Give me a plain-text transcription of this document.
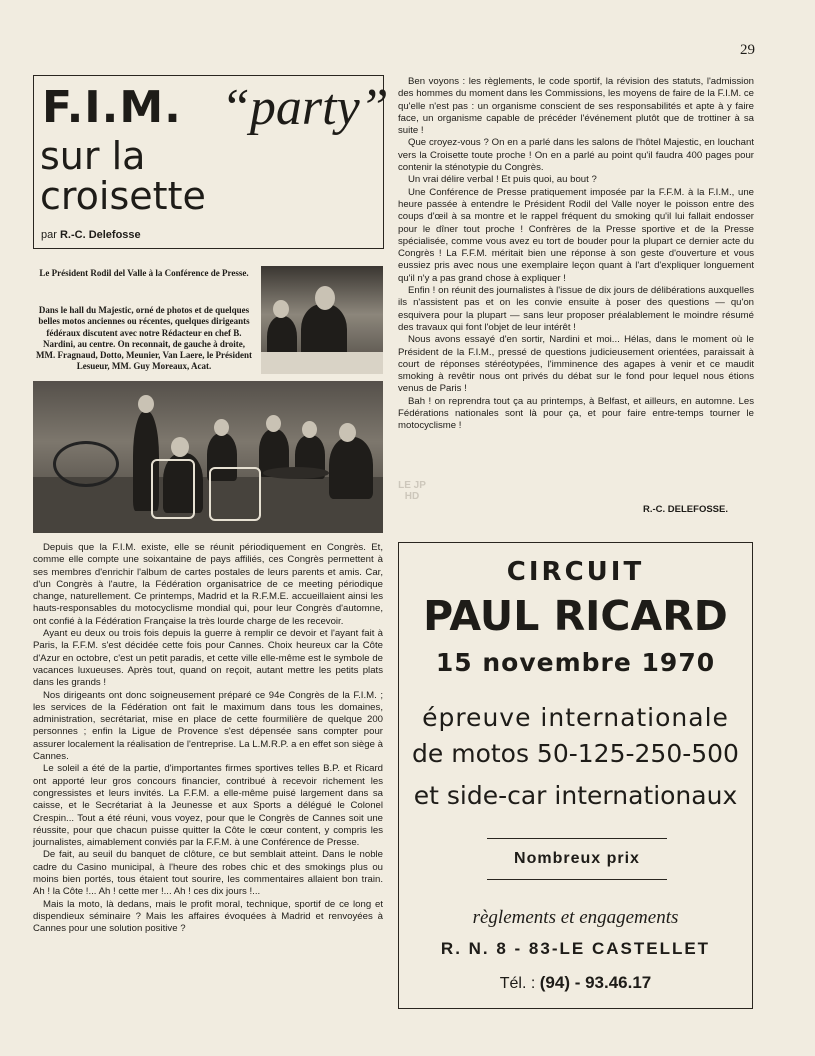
29
F.I.M. “party”
sur la
croisette
par R.-C. Delefosse
Le Président Rodil del Valle à la Conférence de Presse.
Dans le hall du Majestic, orné de photos et de quelques belles motos anciennes ou récentes, quelques dirigeants fédéraux discutent avec notre Rédacteur en chef B. Nardini, au centre. On reconnait, de gauche à droite, MM. Fragnaud, Dotto, Meunier, Van Laere, le Président Lesueur, MM. Guy Moreaux, Acat.

Depuis que la F.I.M. existe, elle se réunit périodiquement en Congrès. Et, comme elle compte une soixantaine de pays affiliés, ces Congrès permettent à ses membres d'enrichir l'album de cartes postales de leurs parents et amis. Car, d'un Congrès à l'autre, la Fédération organisatrice de ce meeting périodique change, naturellement. Ce printemps, Madrid et la R.F.M.E. accueillaient ainsi les hauts-responsables du motocyclisme mondial qui, pour leur Congrès d'automne, ont confié à la Fédération Française la très lourde charge de les recevoir.

Ayant eu deux ou trois fois depuis la guerre à remplir ce devoir et l'ayant fait à Paris, la F.F.M. s'est décidée cette fois pour Cannes. Choix heureux car la Côte d'Azur en octobre, c'est un petit paradis, et cette ville elle-même est le symbole de vacances luxueuses. Après tout, quand on reçoit, autant mettre les petits plats dans les grands !

Nos dirigeants ont donc soigneusement préparé ce 94e Congrès de la F.I.M. ; les services de la Fédération ont fait le maximum dans tous les domaines, administration, secrétariat, mise en place de cette fourmilière de quelque 200 personnes ; enfin la Ligue de Provence s'est dépensée sans compter pour assurer localement la réalisation de l'entreprise. La L.M.R.P. a en effet son siège à Cannes.

Le soleil a été de la partie, d'importantes firmes sportives telles B.P. et Ricard ont apporté leur gros concours financier, contribué à recevoir richement les congressistes et leurs invités. La F.F.M. a elle-même puisé largement dans sa caisse, et le Secrétariat à la Jeunesse et aux Sports a délégué le Colonel Crespin... Tout a été réuni, vous voyez, pour que le Congrès de Cannes soit une réussite, pour que chacun puisse quitter la Côte le cœur content, y compris les journalistes, aimablement conviés par la F.F.M. à une Conférence de Presse.

De fait, au seuil du banquet de clôture, ce but semblait atteint. Dans le noble cadre du Casino municipal, à l'heure des robes chic et des smokings plus ou moins bien portés, tous étaient tout sourire, les commentaires allaient bon train. Ah ! la Côte !... Ah ! cette mer !... Ah ! ces dix jours !...

Mais la moto, là dedans, mais le profit moral, technique, sportif de ce long et dispendieux séminaire ? Mais les affaires évoquées à Madrid et renvoyées à Cannes pour une solution positive ?

Ben voyons : les règlements, le code sportif, la révision des statuts, l'admission des hommes du moment dans les Commissions, les moyens de faire de la F.I.M. ce qu'elle n'est pas : un organisme conscient de ses responsabilités et apte à y faire face, un organisme capable de précéder l'événement plutôt que de trottiner à sa suite !

Que croyez-vous ? On en a parlé dans les salons de l'hôtel Majestic, en louchant vers la Croisette toute proche ! On en a parlé au point qu'il faudra 400 pages pour contenir la sténotypie du Congrès.

Un vrai délire verbal ! Et puis quoi, au bout ?

Une Conférence de Presse pratiquement imposée par la F.F.M. à la F.I.M., une heure passée à entendre le Président Rodil del Valle noyer le poisson entre des coups d'œil à sa montre et le rappel fréquent du smoking qu'il lui fallait endosser pour le dîner tout proche ! Confrères de la Presse sportive et de la Presse spécialisée, comme vous avez eu tort de bouder pour la plupart ce dernier acte du Congrès ! La F.F.M. méritait bien une réponse à son geste d'ouverture et vous eussiez pris avec nous une exemplaire leçon quant à l'art d'expliquer longuement qu'il n'y a pas grand chose à expliquer !

Enfin ! on réunit des journalistes à l'issue de dix jours de délibérations auxquelles ils n'assistent pas et on les convie ensuite à poser des questions — qu'on esquivera pour la plupart — sans leur proposer préalablement le moindre résumé des travaux qui font l'objet de leur intérêt !

Nous avons essayé d'en sortir, Nardini et moi... Hélas, dans le moment où le Président de la F.I.M., pressé de questions judicieusement orientées, paraissait à court de réponses stéréotypées, l'imminence des agapes à venir et ce maudit smoking à revêtir nous ont privés du débat sur le fond pour lequel nous étions venus de Paris !

Bah ! on reprendra tout ça au printemps, à Belfast, et ailleurs, en automne. Les Fédérations nationales sont là pour ça, et pour faire entre-temps tourner le motocyclisme !

R.-C. DELEFOSSE.
LE JP HD
CIRCUIT
PAUL RICARD
15 novembre 1970
épreuve internationale
de motos 50-125-250-500
et side-car internationaux
Nombreux prix
règlements et engagements
R. N. 8 - 83-LE CASTELLET
Tél. : (94) - 93.46.17
